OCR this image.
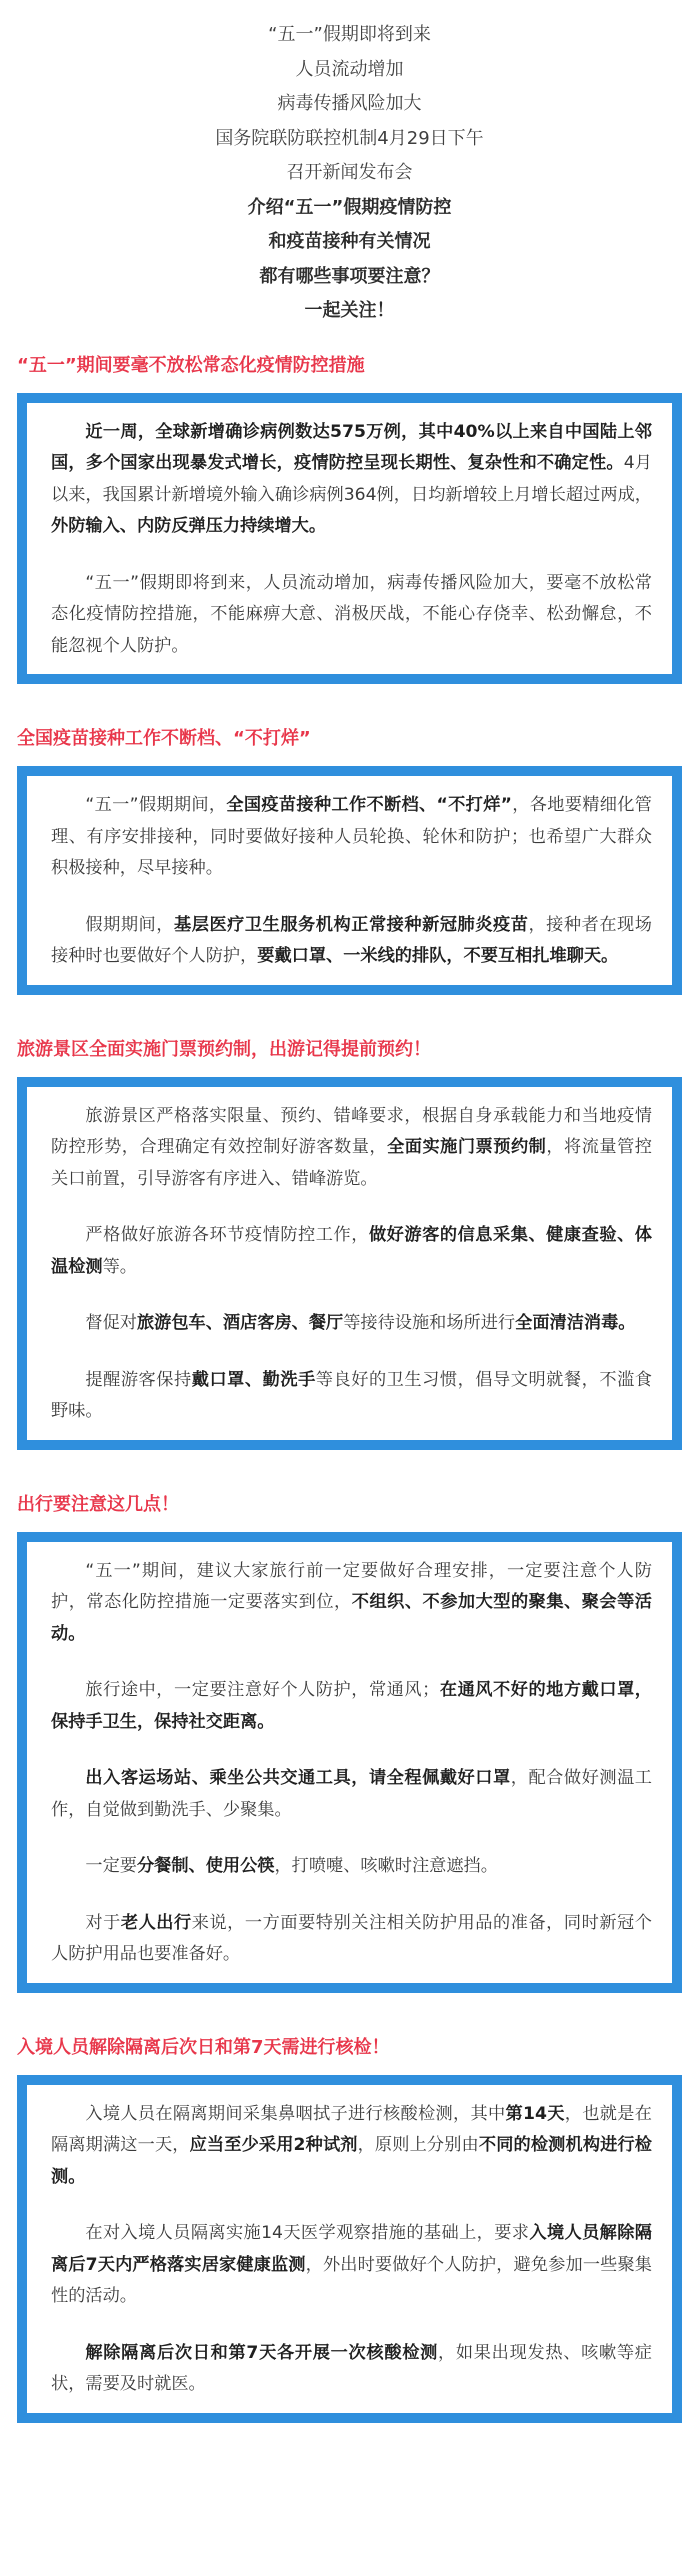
“五一”假期即将到来
人员流动增加
病毒传播风险加大
国务院联防联控机制4月29日下午
召开新闻发布会
介绍“五一”假期疫情防控
和疫苗接种有关情况
都有哪些事项要注意？
一起关注！
“五一”期间要毫不放松常态化疫情防控措施

近一周，全球新增确诊病例数达575万例，其中40%以上来自中国陆上邻国，多个国家出现暴发式增长，疫情防控呈现长期性、复杂性和不确定性。4月以来，我国累计新增境外输入确诊病例364例，日均新增较上月增长超过两成，外防输入、内防反弹压力持续增大。

“五一”假期即将到来，人员流动增加，病毒传播风险加大，要毫不放松常态化疫情防控措施，不能麻痹大意、消极厌战，不能心存侥幸、松劲懈怠，不能忽视个人防护。

全国疫苗接种工作不断档、“不打烊”

“五一”假期期间，全国疫苗接种工作不断档、“不打烊”，各地要精细化管理、有序安排接种，同时要做好接种人员轮换、轮休和防护；也希望广大群众积极接种，尽早接种。

假期期间，基层医疗卫生服务机构正常接种新冠肺炎疫苗，接种者在现场接种时也要做好个人防护，要戴口罩、一米线的排队，不要互相扎堆聊天。

旅游景区全面实施门票预约制，出游记得提前预约！

旅游景区严格落实限量、预约、错峰要求，根据自身承载能力和当地疫情防控形势，合理确定有效控制好游客数量，全面实施门票预约制，将流量管控关口前置，引导游客有序进入、错峰游览。

严格做好旅游各环节疫情防控工作，做好游客的信息采集、健康查验、体温检测等。

督促对旅游包车、酒店客房、餐厅等接待设施和场所进行全面清洁消毒。

提醒游客保持戴口罩、勤洗手等良好的卫生习惯，倡导文明就餐，不滥食野味。

出行要注意这几点！

“五一”期间，建议大家旅行前一定要做好合理安排，一定要注意个人防护，常态化防控措施一定要落实到位，不组织、不参加大型的聚集、聚会等活动。

旅行途中，一定要注意好个人防护，常通风；在通风不好的地方戴口罩，保持手卫生，保持社交距离。

出入客运场站、乘坐公共交通工具，请全程佩戴好口罩，配合做好测温工作，自觉做到勤洗手、少聚集。

一定要分餐制、使用公筷，打喷嚏、咳嗽时注意遮挡。

对于老人出行来说，一方面要特别关注相关防护用品的准备，同时新冠个人防护用品也要准备好。

入境人员解除隔离后次日和第7天需进行核检！

入境人员在隔离期间采集鼻咽拭子进行核酸检测，其中第14天，也就是在隔离期满这一天，应当至少采用2种试剂，原则上分别由不同的检测机构进行检测。

在对入境人员隔离实施14天医学观察措施的基础上，要求入境人员解除隔离后7天内严格落实居家健康监测，外出时要做好个人防护，避免参加一些聚集性的活动。

解除隔离后次日和第7天各开展一次核酸检测，如果出现发热、咳嗽等症状，需要及时就医。
